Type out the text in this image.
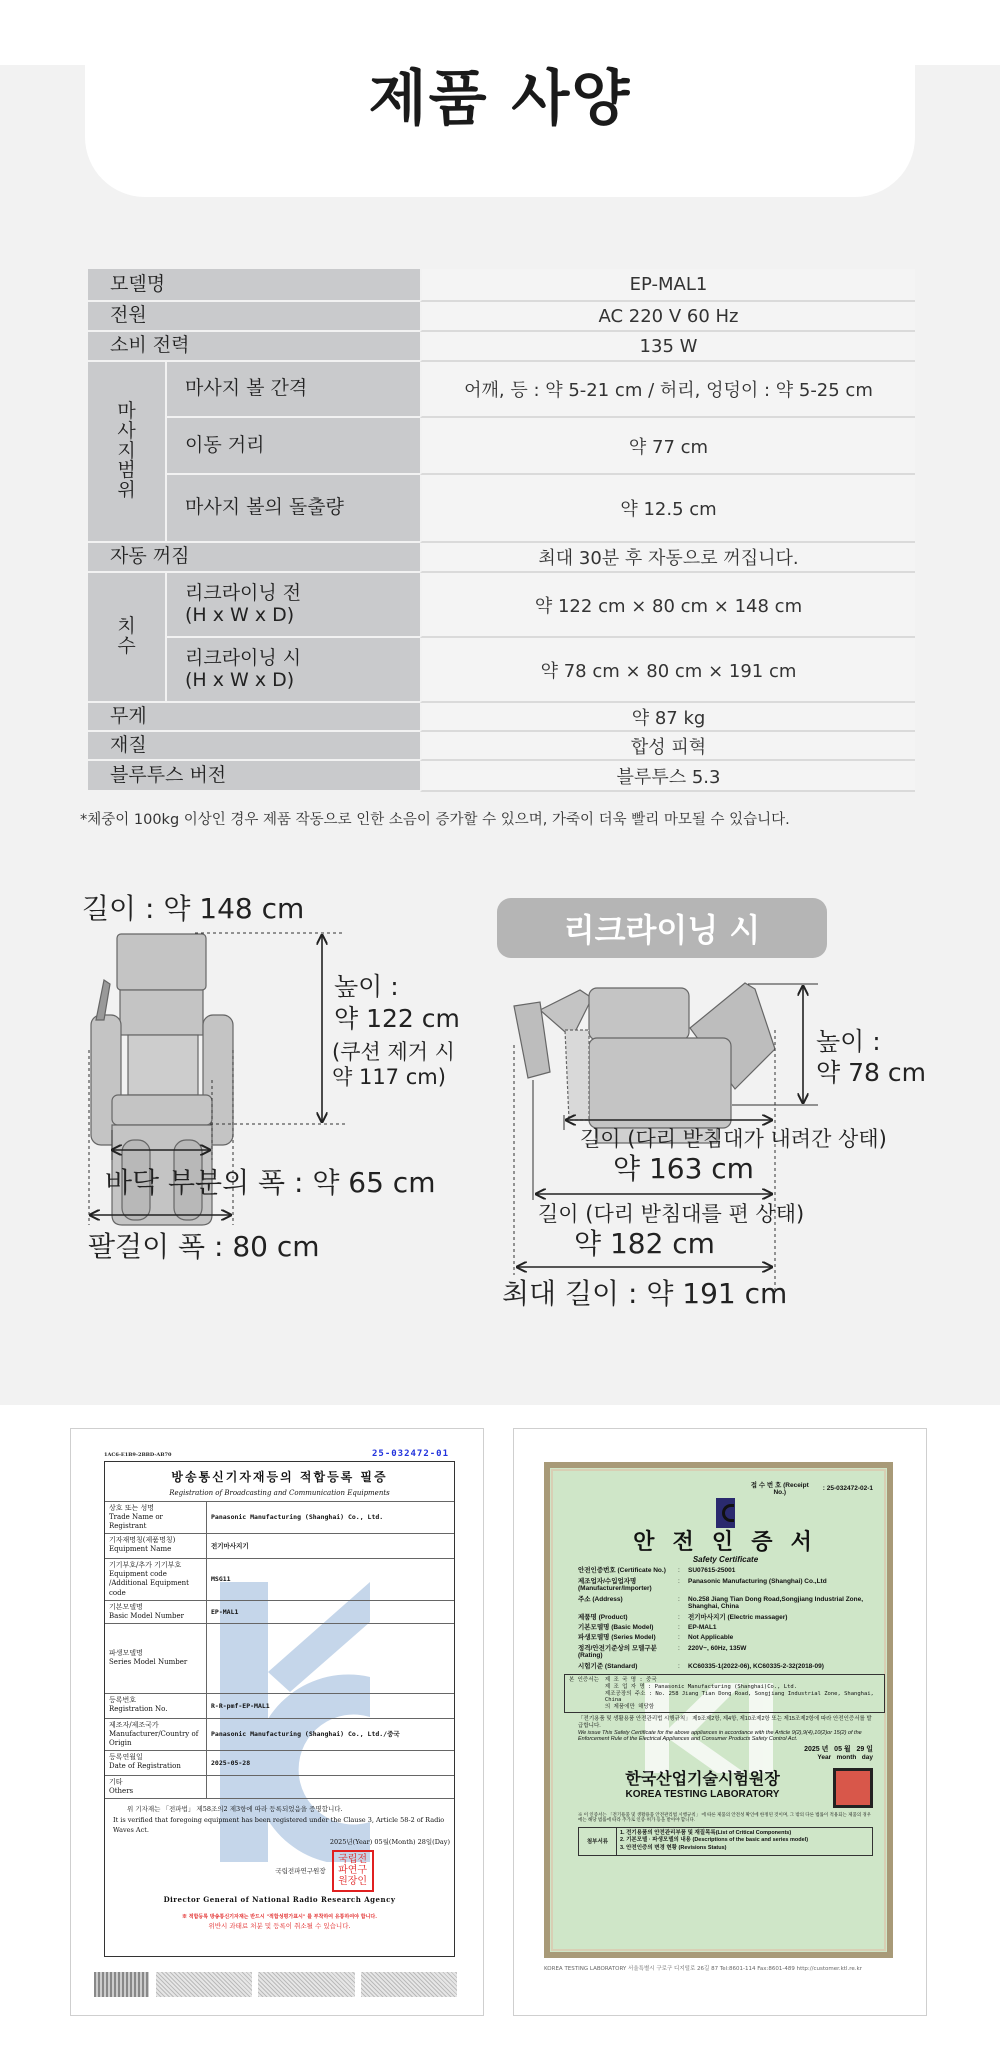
제품 사양
모델명	EP-MAL1
전원	AC 220 V 60 Hz
소비 전력	135 W
마사지범위
마사지 볼 간격	어깨, 등 : 약 5-21 cm / 허리, 엉덩이 : 약 5-25 cm
이동 거리	약 77 cm
마사지 볼의 돌출량	약 12.5 cm
자동 꺼짐	최대 30분 후 자동으로 꺼집니다.
치수
리크라이닝 전
(H x W x D)	약 122 cm × 80 cm × 148 cm
리크라이닝 시
(H x W x D)	약 78 cm × 80 cm × 191 cm
무게	약 87 kg
재질	합성 피혁
블루투스 버전	블루투스 5.3
*체중이 100kg 이상인 경우 제품 작동으로 인한 소음이 증가할 수 있으며, 가죽이 더욱 빨리 마모될 수 있습니다.
길이 : 약 148 cm
높이 :
약 122 cm
(쿠션 제거 시
약 117 cm)
바닥 부분의 폭 : 약 65 cm
팔걸이 폭 : 80 cm
리크라이닝 시
높이 :
약 78 cm
길이 (다리 받침대가 내려간 상태)
약 163 cm
길이 (다리 받침대를 편 상태)
약 182 cm
최대 길이 : 약 191 cm
1AC6-E1B9-2BBD-AB70	25-032472-01
방송통신기자재등의 적합등록 필증
Registration of Broadcasting and Communication Equipments
상호 또는 성명
Trade Name or Registrant
Panasonic Manufacturing (Shanghai) Co., Ltd.
기자재명칭(제품명칭)
Equipment Name	전기마사지기
기기부호/추가 기기부호
Equipment code /Additional Equipment code
MSG11
기본모델명
Basic Model Number
EP-MAL1
파생모델명
Series Model Number
등록번호
Registration No.	R-R-pmf-EP-MAL1
제조자/제조국가
Manufacturer/Country of Origin
Panasonic Manufacturing (Shanghai) Co., Ltd./중국
등록연월일
Date of Registration	2025-05-28
기타
Others
위 기자재는 「전파법」 제58조의2 제3항에 따라 등록되었음을 증명합니다.
It is verified that foregoing equipment has been registered under the Clause 3, Article 58-2 of Radio Waves Act.
2025년(Year) 05월(Month) 28일(Day)
국립전파연구원장
국립전파연구원장인
Director General of National Radio Research Agency
※ 적합등록 방송통신기자재는 반드시 "적합성평가표시" 를 부착하여 유통하여야 합니다.
위반시 과태료 처분 및 등록이 취소될 수 있습니다.
접 수 번 호 (Receipt No.)
: 25-032472-02-1
안 전 인 증 서
Safety Certificate
안전인증번호 (Certificate No.)	:	SU07615-25001
제조업자/수입업자명 (Manufacturer/Importer)
:	Panasonic Manufacturing (Shanghai) Co.,Ltd
주소 (Address)	:	No.258 Jiang Tian Dong Road,Songjiang Industrial Zone, Shanghai, China
제품명 (Product)	:	전기마사지기 (Electric massager)
기본모델명 (Basic Model)	:	EP-MAL1
파생모델명 (Series Model)	:	Not Applicable
정격/안전기준상의 모델구분 (Rating)
:	220V~, 60Hz, 135W
시험기준 (Standard)	:	KC60335-1(2022-06), KC60335-2-32(2018-09)
본 인증서는 제 조 국 명 : 중국
제 조 업 자 명 : Panasonic Manufacturing (Shanghai)Co., Ltd.
제조공장의 주소 : No. 258 Jiang Tian Dong Road, Songjiang Industrial Zone, Shanghai, China
의 제품에만 해당함
「전기용품 및 생활용품 안전관리법 시행규칙」 제9조제2항, 제4항, 제10조제2항 또는 제15조제2항에 따라 안전인증서를 발급합니다.
We issue This Safety Certificate for the above appliances in accordance with the Article 9(2),9(4),10(2)or 15(2) of the Enforcement Rule of the Electrical Appliances and Consumer Products Safety Control Act.
2025 년   05 월   29 일
Year   month   day
한국산업기술시험원장
KOREA TESTING LABORATORY
※ 이 인증서는 「전기용품 및 생활용품 안전관리법 시행규칙」 에 따른 제품의 안전성 확인에 한정된 것이며, 그 밖의 다른 법률이 적용되는 제품의 경우에는 해당 법률에 따라 추가로 인증·허가 등을 받아야 합니다.
첨부서류
1. 전기용품의 안전관리부품 및 재질목록(List of Critical Components)
2. 기본모델 · 파생모델의 내용 (Descriptions of the basic and series model)
3. 안전인증의 변경 현황 (Revisions Status)
KOREA TESTING LABORATORY 서울특별시 구로구 디지털로 26길 87 Tel:8601-114 Fax:8601-489 http://customer.ktl.re.kr
